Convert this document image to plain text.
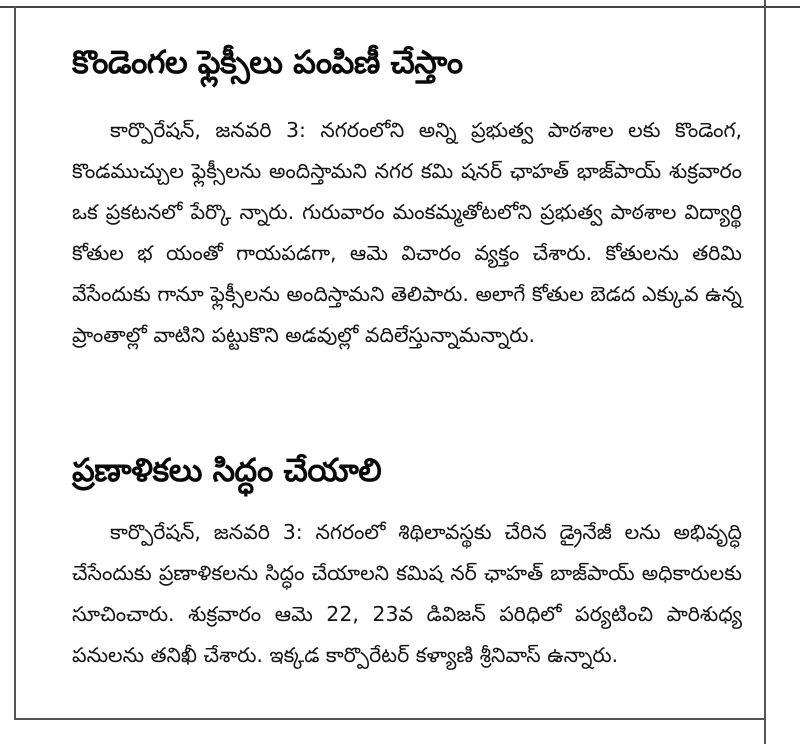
కొండెంగల ఫ్లెక్సీలు పంపిణీ చేస్తాం

కార్పొరేషన్‌, జనవరి 3: నగరంలోని అన్ని ప్రభుత్వ పాఠశాల లకు కొండెంగ, కొండముచ్చుల ఫ్లెక్సీలను అందిస్తామని నగర కమి షనర్‌ ఛాహత్‌ భాజ్‌పాయ్‌ శుక్రవారం ఒక ప్రకటనలో పేర్కొ న్నారు. గురువారం మంకమ్మతోటలోని ప్రభుత్వ పాఠశాల విద్యార్థి కోతుల భ యంతో గాయపడగా, ఆమె విచారం వ్యక్తం చేశారు. కోతులను తరిమి వేసేందుకు గానూ ఫ్లెక్సీలను అందిస్తామని తెలిపారు. అలాగే కోతుల బెడద ఎక్కువ ఉన్న ప్రాంతాల్లో వాటిని పట్టుకొని అడవుల్లో వదిలేస్తున్నామన్నారు.

ప్రణాళికలు సిద్ధం చేయాలి

కార్పొరేషన్‌, జనవరి 3: నగరంలో శిథిలావస్థకు చేరిన డ్రైనేజీ లను అభివృద్ధి చేసేందుకు ప్రణాళికలను సిద్ధం చేయాలని కమిష నర్‌ ఛాహత్‌ బాజ్‌పాయ్‌ అధికారులకు సూచించారు. శుక్రవారం ఆమె 22, 23వ డివిజన్‌ పరిధిలో పర్యటించి పారిశుధ్య పనులను తనిఖీ చేశారు. ఇక్కడ కార్పొరేటర్‌ కళ్యాణి శ్రీనివాస్‌ ఉన్నారు.
